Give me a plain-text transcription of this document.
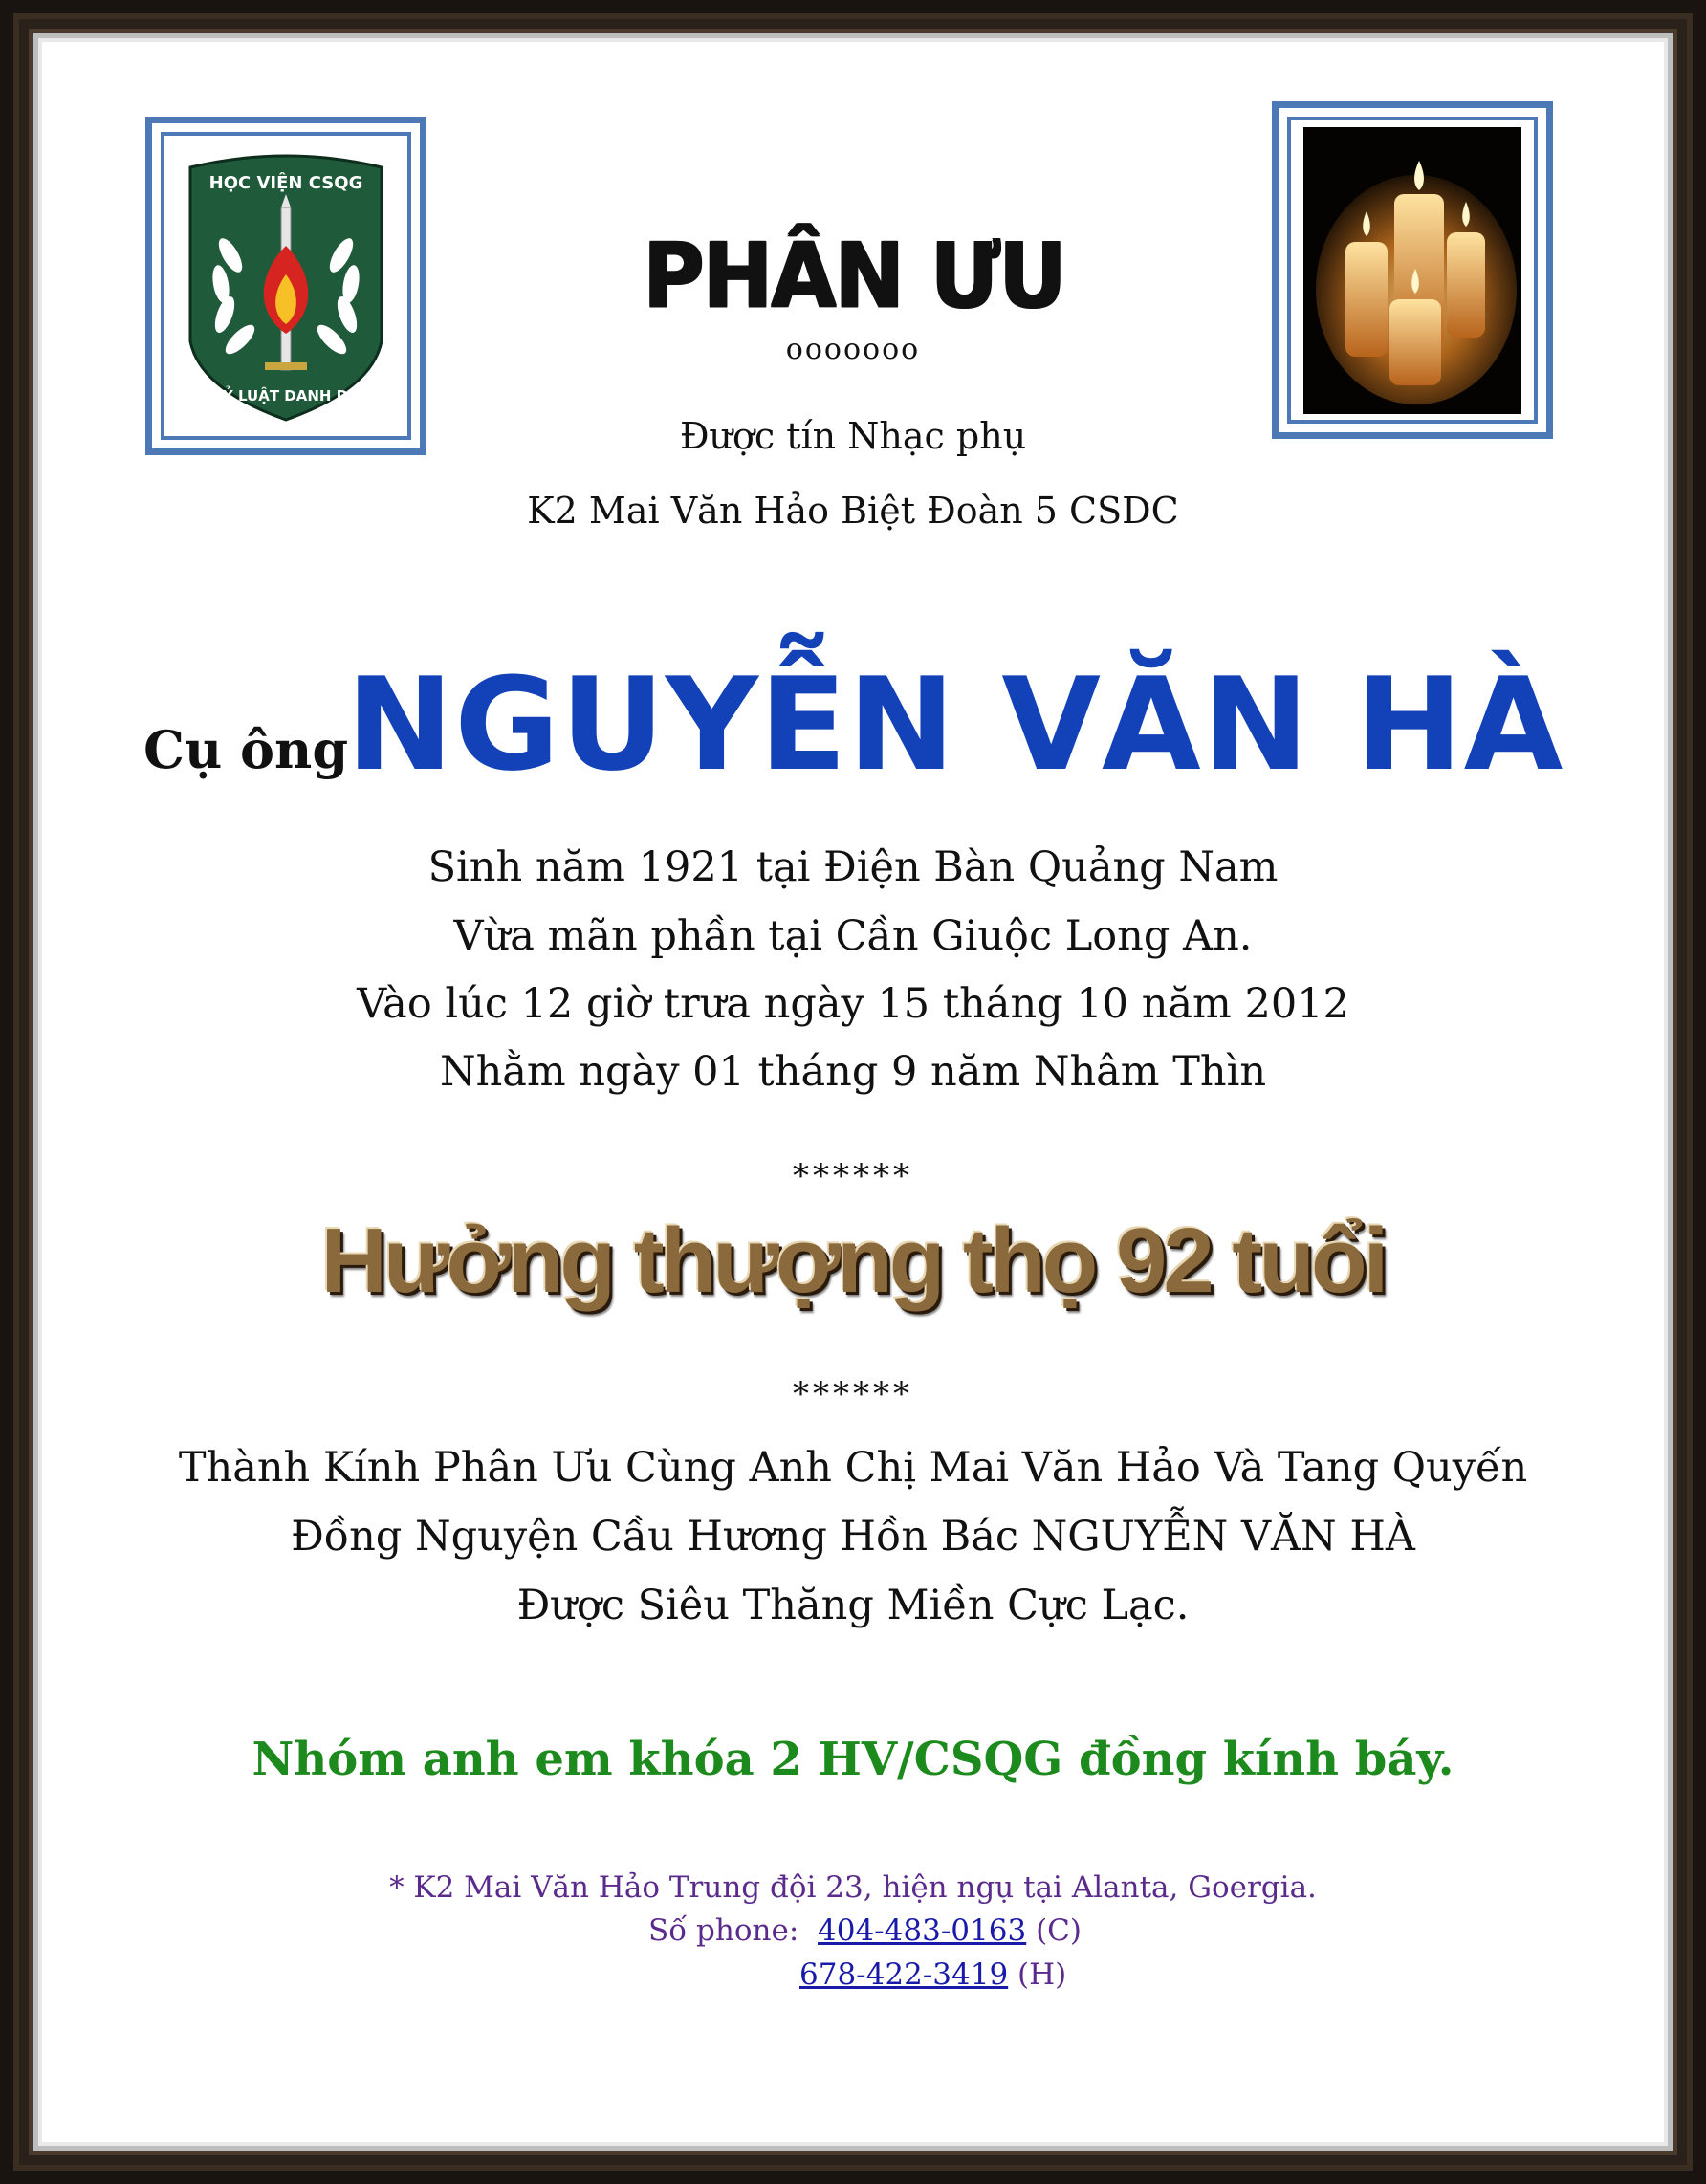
HỌC VIỆN CSQG
KỶ LUẬT DANH DỰ
PHÂN ƯU
ooooooo
Được tín Nhạc phụ
K2 Mai Văn Hảo Biệt Đoàn 5 CSDC
Cụ ông
NGUYỄN VĂN HÀ
Sinh năm 1921 tại Điện Bàn Quảng Nam
Vừa mãn phần tại Cần Giuộc Long An.
Vào lúc 12 giờ trưa ngày 15 tháng 10 năm 2012
Nhằm ngày 01 tháng 9 năm Nhâm Thìn
******
Hưởng thượng thọ 92 tuổi
******
Thành Kính Phân Ưu Cùng Anh Chị Mai Văn Hảo Và Tang Quyến
Đồng Nguyện Cầu Hương Hồn Bác NGUYỄN VĂN HÀ
Được Siêu Thăng Miền Cực Lạc.
Nhóm anh em khóa 2 HV/CSQG đồng kính báy.
* K2 Mai Văn Hảo Trung đội 23, hiện ngụ tại Alanta, Goergia.
Số phone: 404-483-0163 (C)
678-422-3419 (H)
